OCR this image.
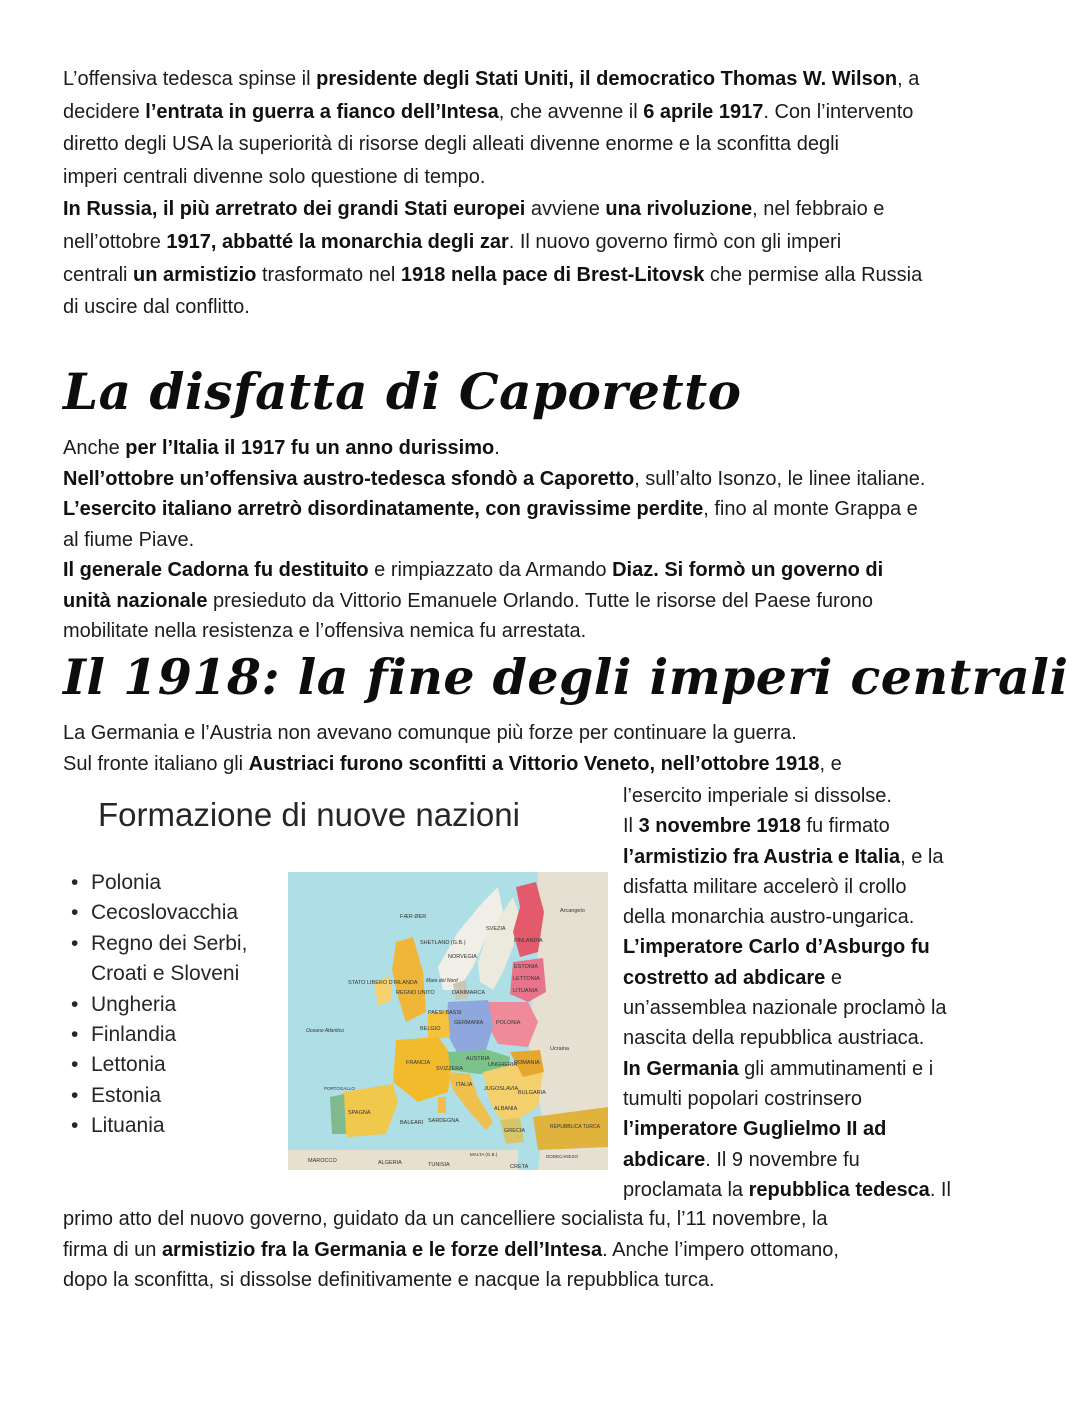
L’offensiva tedesca spinse il presidente degli Stati Uniti, il democratico Thomas W. Wilson, a
decidere l’entrata in guerra a fianco dell’Intesa, che avvenne il 6 aprile 1917. Con l’intervento
diretto degli USA la superiorità di risorse degli alleati divenne enorme e la sconfitta degli
imperi centrali divenne solo questione di tempo.
In Russia, il più arretrato dei grandi Stati europei avviene una rivoluzione, nel febbraio e
nell’ottobre 1917, abbatté la monarchia degli zar. Il nuovo governo firmò con gli imperi
centrali un armistizio trasformato nel 1918 nella pace di Brest-Litovsk che permise alla Russia
di uscire dal conflitto.
La disfatta di Caporetto
Anche per l’Italia il 1917 fu un anno durissimo.
Nell’ottobre un’offensiva austro-tedesca sfondò a Caporetto, sull’alto Isonzo, le linee italiane.
L’esercito italiano arretrò disordinatamente, con gravissime perdite, fino al monte Grappa e
al fiume Piave.
Il generale Cadorna fu destituito e rimpiazzato da Armando Diaz. Si formò un governo di
unità nazionale presieduto da Vittorio Emanuele Orlando. Tutte le risorse del Paese furono
mobilitate nella resistenza e l’offensiva nemica fu arrestata.
Il 1918: la fine degli imperi centrali
La Germania e l’Austria non avevano comunque più forze per continuare la guerra.
Sul fronte italiano gli Austriaci furono sconfitti a Vittorio Veneto, nell’ottobre 1918, e
Formazione di nuove nazioni
• Polonia
• Cecoslovacchia
• Regno dei Serbi,
Croati e Sloveni
• Ungheria
• Finlandia
• Lettonia
• Estonia
• Lituania
FÆR ØER
SHETLAND (G.B.)
NORVEGIA
SVEZIA
FINLANDIA
ESTONIA
LETTONIA
LITUANIA
DANIMARCA
STATO LIBERO D'IRLANDA
REGNO UNITO
PAESI BASSI
BELGIO
GERMANIA POLONIA
FRANCIA
SVIZZERA
AUSTRIA
UNGHERIA
ROMANIA
JUGOSLAVIA
BULGARIA
ITALIA
SPAGNA
PORTOGALLO
ALBANIA
GRECIA
REPUBBLICA TURCA
MAROCCO	ALGERIA	TUNISIA	CRETA
Oceano Atlantico
Mare del Nord
SARDEGNA
BALEARI
MALTA (G.B.)	DODECANESO
Arcangelo
Ucraina
l’esercito imperiale si dissolse.
Il 3 novembre 1918 fu firmato
l’armistizio fra Austria e Italia, e la
disfatta militare accelerò il crollo
della monarchia austro-ungarica.
L’imperatore Carlo d’Asburgo fu
costretto ad abdicare e
un’assemblea nazionale proclamò la
nascita della repubblica austriaca.
In Germania gli ammutinamenti e i
tumulti popolari costrinsero
l’imperatore Guglielmo II ad
abdicare. Il 9 novembre fu
proclamata la repubblica tedesca. Il
primo atto del nuovo governo, guidato da un cancelliere socialista fu, l’11 novembre, la
firma di un armistizio fra la Germania e le forze dell’Intesa. Anche l’impero ottomano,
dopo la sconfitta, si dissolse definitivamente e nacque la repubblica turca.
